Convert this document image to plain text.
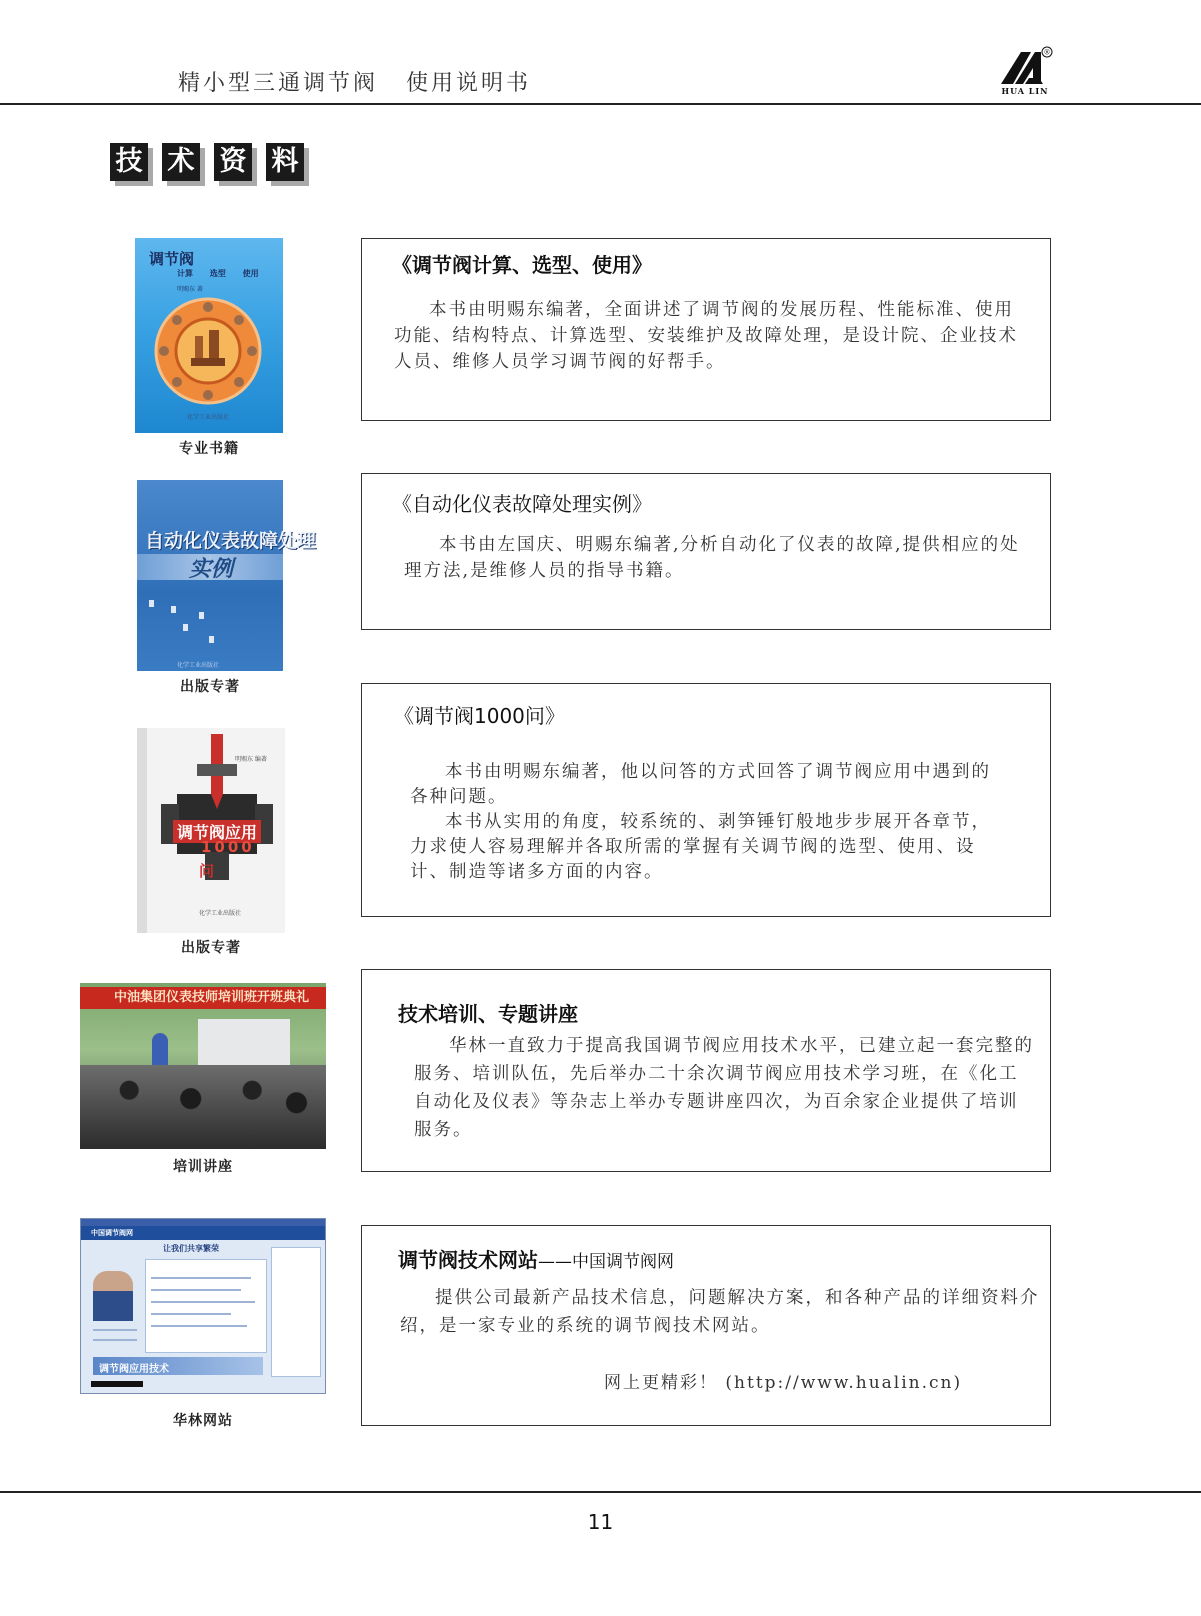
精小型三通调节阀 使用说明书
®
HUA LIN
技 术 资 料
调节阀
计算 选型 使用
明赐东 著
化学工业出版社
专业书籍
《调节阀计算、选型、使用》

本书由明赐东编著，全面讲述了调节阀的发展历程、性能标准、使用功能、结构特点、计算选型、安装维护及故障处理，是设计院、企业技术人员、维修人员学习调节阀的好帮手。

自动化仪表故障处理
实例
化学工业出版社
出版专著
《自动化仪表故障处理实例》

本书由左国庆、明赐东编著,分析自动化了仪表的故障,提供相应的处理方法,是维修人员的指导书籍。

明赐东 编著
调节阀应用
1000
问
化学工业出版社
出版专著
《调节阀1000问》

本书由明赐东编著，他以问答的方式回答了调节阀应用中遇到的各种问题。

本书从实用的角度，较系统的、剥笋锤钉般地步步展开各章节，力求使人容易理解并各取所需的掌握有关调节阀的选型、使用、设计、制造等诸多方面的内容。

中油集团仪表技师培训班开班典礼
培训讲座
技术培训、专题讲座

华林一直致力于提高我国调节阀应用技术水平，已建立起一套完整的服务、培训队伍，先后举办二十余次调节阀应用技术学习班，在《化工自动化及仪表》等杂志上举办专题讲座四次，为百余家企业提供了培训服务。

中国调节阀网
让我们共享繁荣
调节阀应用技术
华林网站
调节阀技术网站——中国调节阀网

提供公司最新产品技术信息，问题解决方案，和各种产品的详细资料介绍，是一家专业的系统的调节阀技术网站。

网上更精彩！ (http://www.hualin.cn)
11
